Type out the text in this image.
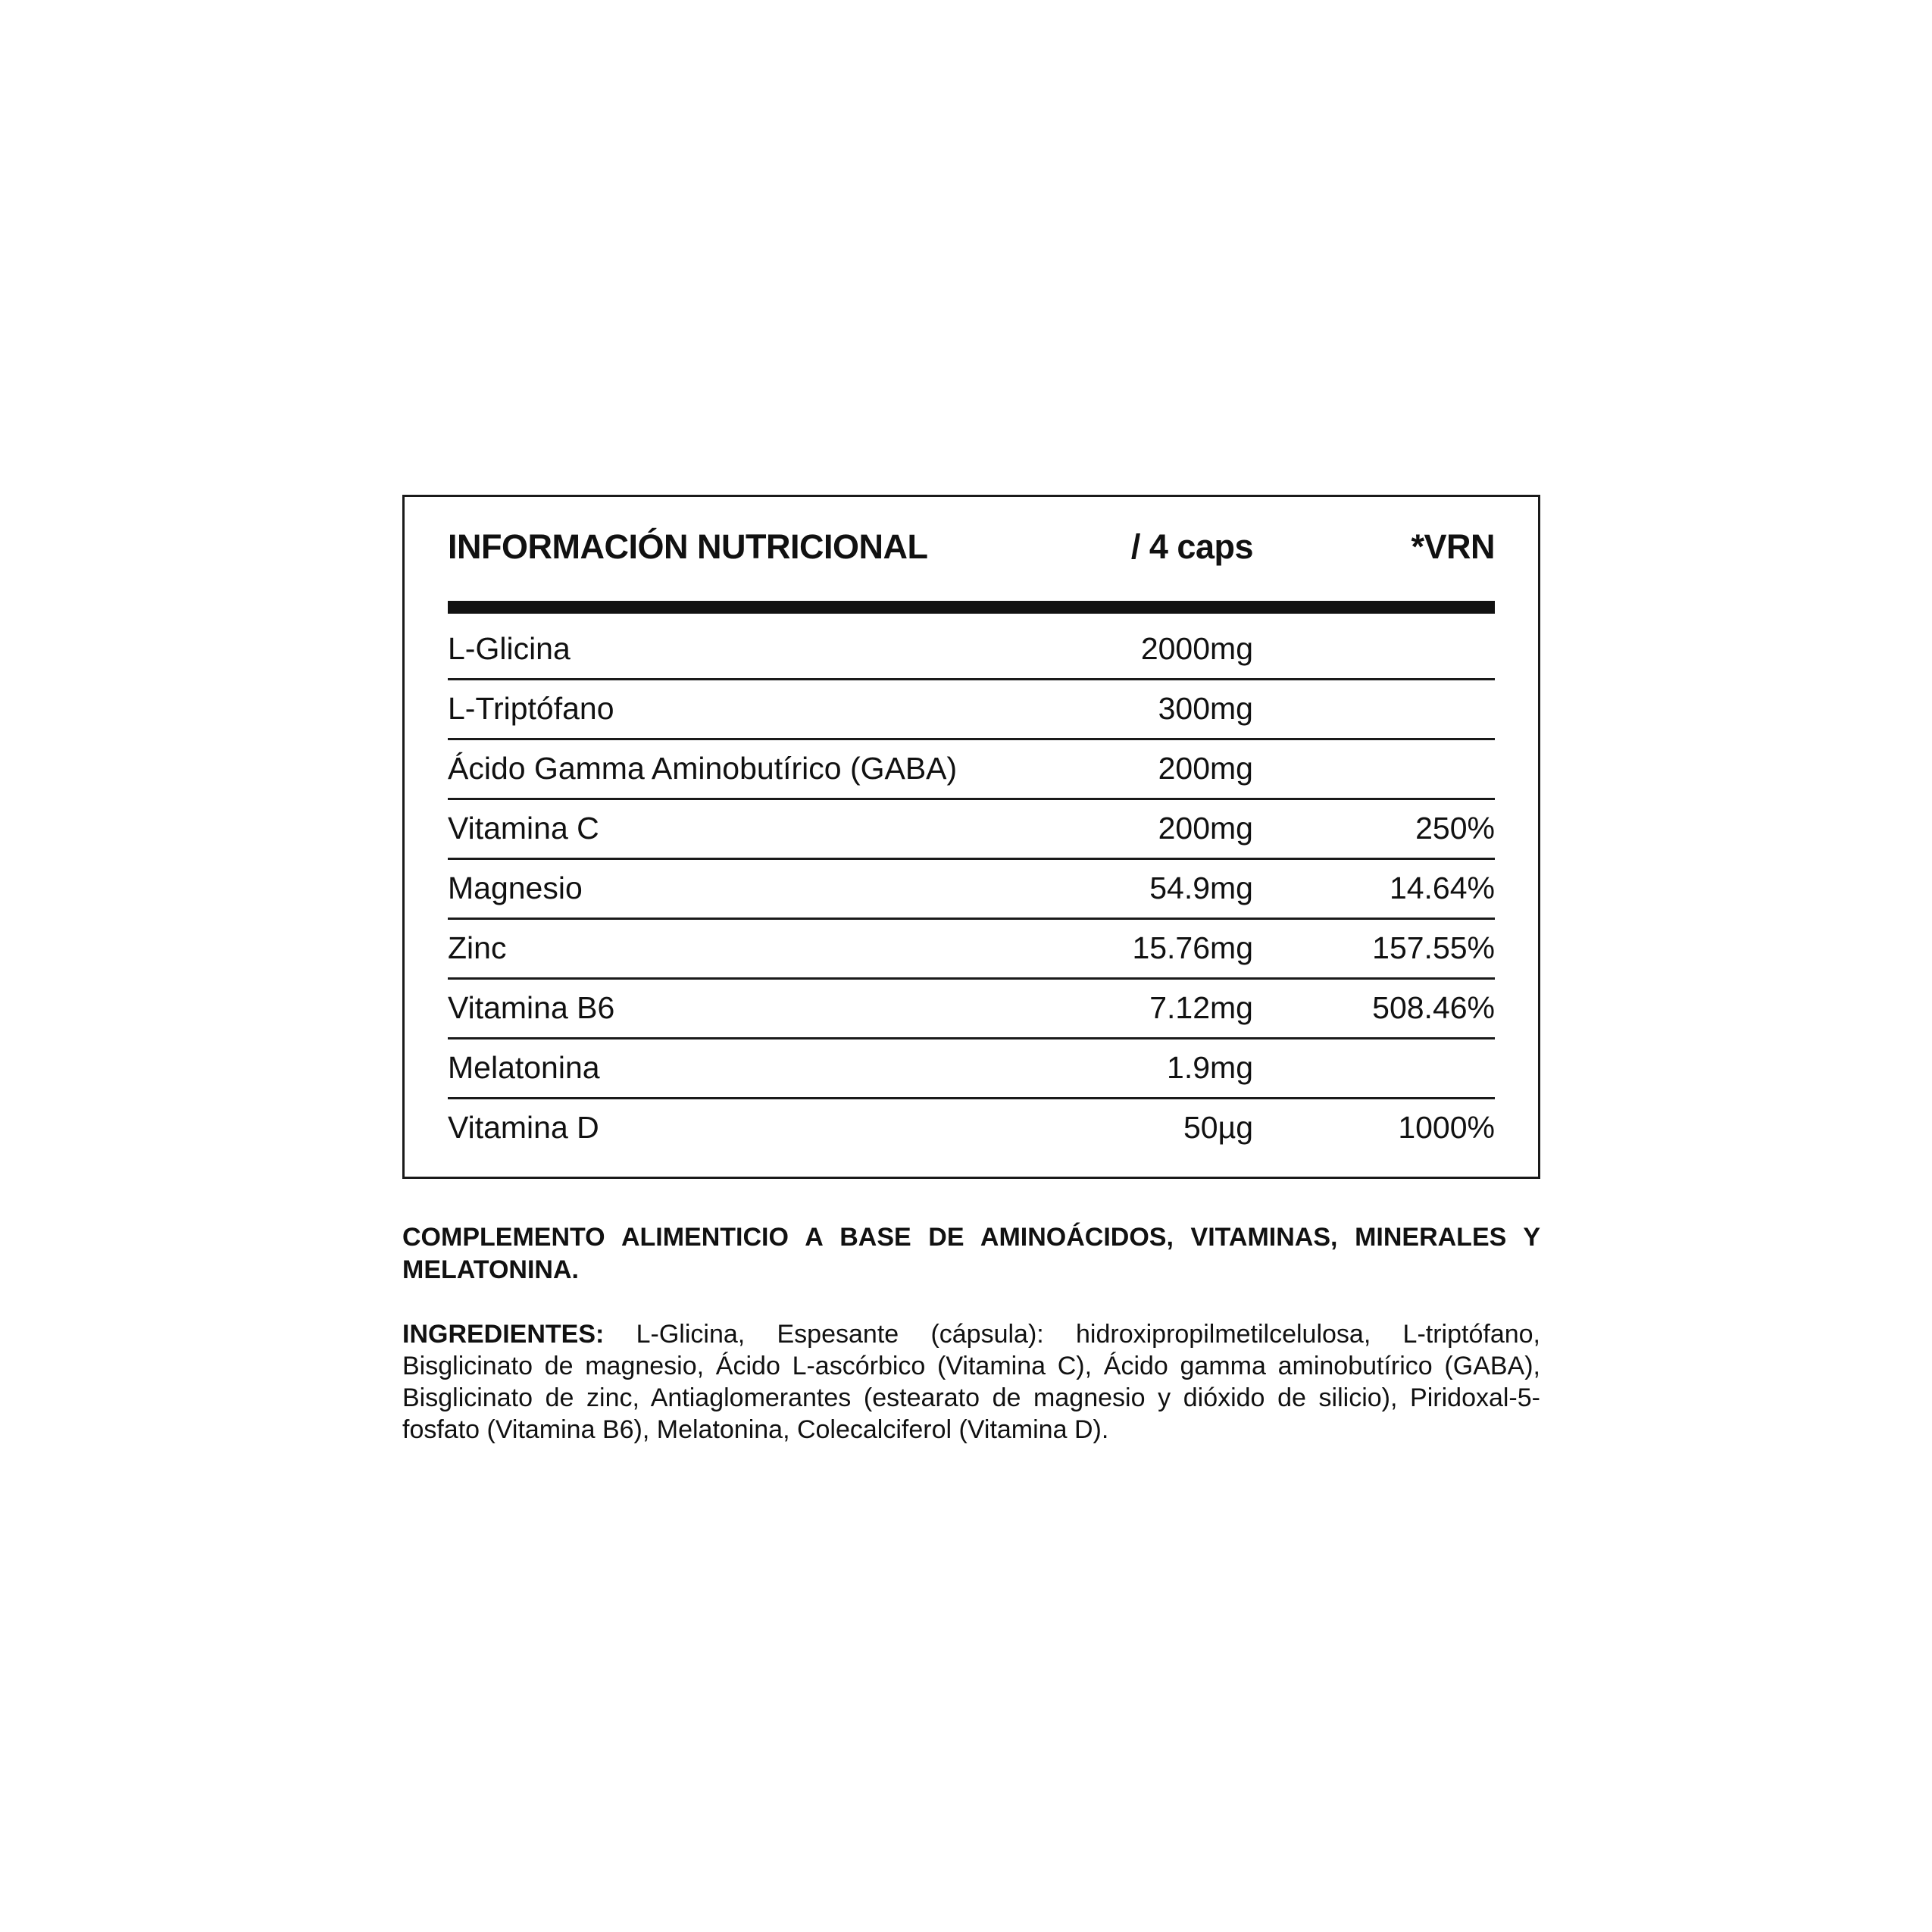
INFORMACIÓN NUTRICIONAL	/ 4 caps	*VRN
L-Glicina	2000mg
L-Triptófano	300mg
Ácido Gamma Aminobutírico (GABA)	200mg
Vitamina C	200mg	250%
Magnesio	54.9mg	14.64%
Zinc	15.76mg	157.55%
Vitamina B6	7.12mg	508.46%
Melatonina	1.9mg
Vitamina D	50µg	1000%
COMPLEMENTO ALIMENTICIO A BASE DE AMINOÁCIDOS, VITAMINAS, MINERALES Y MELATONINA.
INGREDIENTES: L-Glicina, Espesante (cápsula): hidroxipropilmetilcelulosa, L-triptófano, Bisglicinato de magnesio, Ácido L-ascórbico (Vitamina C), Ácido gamma aminobutírico (GABA), Bisglicinato de zinc, Antiaglomerantes (estearato de magnesio y dióxido de silicio), Piridoxal-5-fosfato (Vitamina B6), Melatonina, Colecalciferol (Vitamina D).
